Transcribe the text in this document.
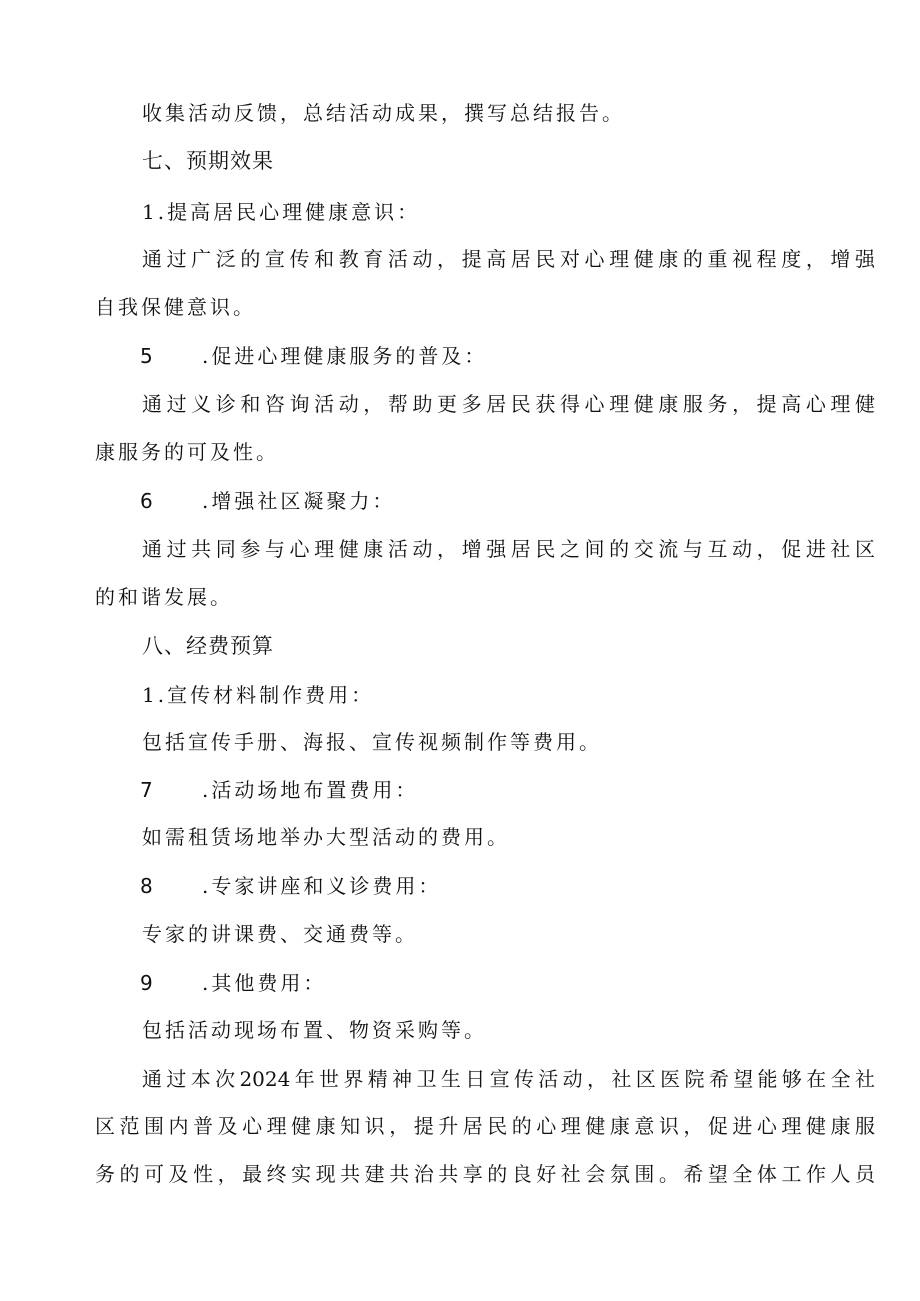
收集活动反馈，总结活动成果，撰写总结报告。
七、预期效果
1.提高居民心理健康意识：
通过广泛的宣传和教育活动，提高居民对心理健康的重视程度，增强
自我保健意识。
5 .促进心理健康服务的普及：
通过义诊和咨询活动，帮助更多居民获得心理健康服务，提高心理健
康服务的可及性。
6 .增强社区凝聚力：
通过共同参与心理健康活动，增强居民之间的交流与互动，促进社区
的和谐发展。
八、经费预算
1.宣传材料制作费用：
包括宣传手册、海报、宣传视频制作等费用。
7 .活动场地布置费用：
如需租赁场地举办大型活动的费用。
8 .专家讲座和义诊费用：
专家的讲课费、交通费等。
9 .其他费用：
包括活动现场布置、物资采购等。
通过本次2024年世界精神卫生日宣传活动，社区医院希望能够在全社
区范围内普及心理健康知识，提升居民的心理健康意识，促进心理健康服
务的可及性，最终实现共建共治共享的良好社会氛围。希望全体工作人员
